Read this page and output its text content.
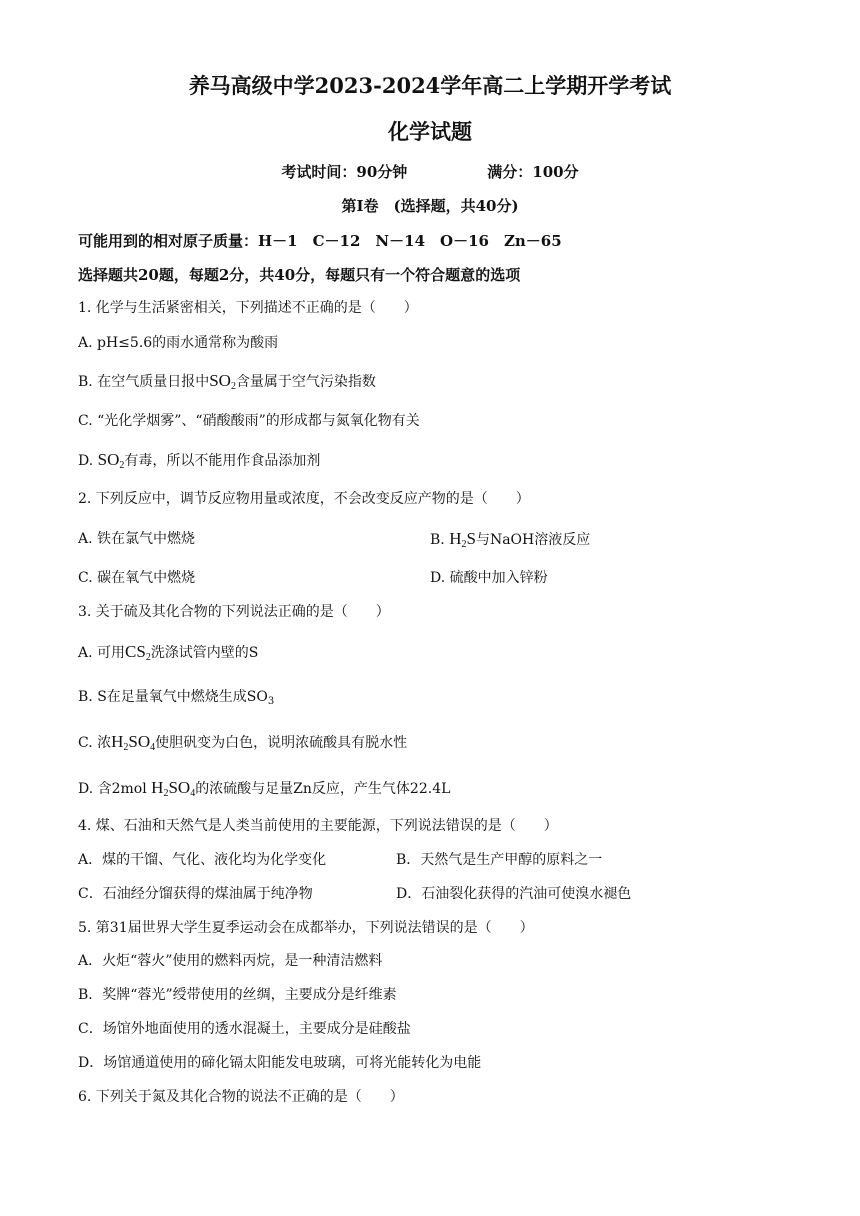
养马高级中学2023-2024学年高二上学期开学考试
化学试题
考试时间：90分钟	满分：100分
第Ⅰ卷　(选择题，共40分)
可能用到的相对原子质量：H－1　C－12　N－14　O－16　Zn－65
选择题共20题，每题2分，共40分，每题只有一个符合题意的选项
1. 化学与生活紧密相关，下列描述不正确的是（　　）
A. pH≤5.6的雨水通常称为酸雨
B. 在空气质量日报中$SO_2$含量属于空气污染指数
C. “光化学烟雾”、“硝酸酸雨”的形成都与氮氧化物有关
D. $SO_2$有毒，所以不能用作食品添加剂
2. 下列反应中，调节反应物用量或浓度，不会改变反应产物的是（　　）
A. 铁在氯气中燃烧	B. $H_2S$与NaOH溶液反应
C. 碳在氧气中燃烧	D. 硫酸中加入锌粉
3. 关于硫及其化合物的下列说法正确的是（　　）
A. 可用$CS_2$洗涤试管内壁的S
B. S在足量氧气中燃烧生成$SO_3$
C. 浓$H_2SO_4$使胆矾变为白色，说明浓硫酸具有脱水性
D. 含2mol $H_2SO_4$的浓硫酸与足量Zn反应，产生气体22.4L
4. 煤、石油和天然气是人类当前使用的主要能源，下列说法错误的是（　　）
A．煤的干馏、气化、液化均为化学变化	B．天然气是生产甲醇的原料之一
C．石油经分馏获得的煤油属于纯净物	D．石油裂化获得的汽油可使溴水褪色
5. 第31届世界大学生夏季运动会在成都举办，下列说法错误的是（　　）
A．火炬“蓉火”使用的燃料丙烷，是一种清洁燃料
B．奖牌“蓉光”绶带使用的丝绸，主要成分是纤维素
C．场馆外地面使用的透水混凝土，主要成分是硅酸盐
D．场馆通道使用的碲化镉太阳能发电玻璃，可将光能转化为电能
6. 下列关于氮及其化合物的说法不正确的是（　　）
